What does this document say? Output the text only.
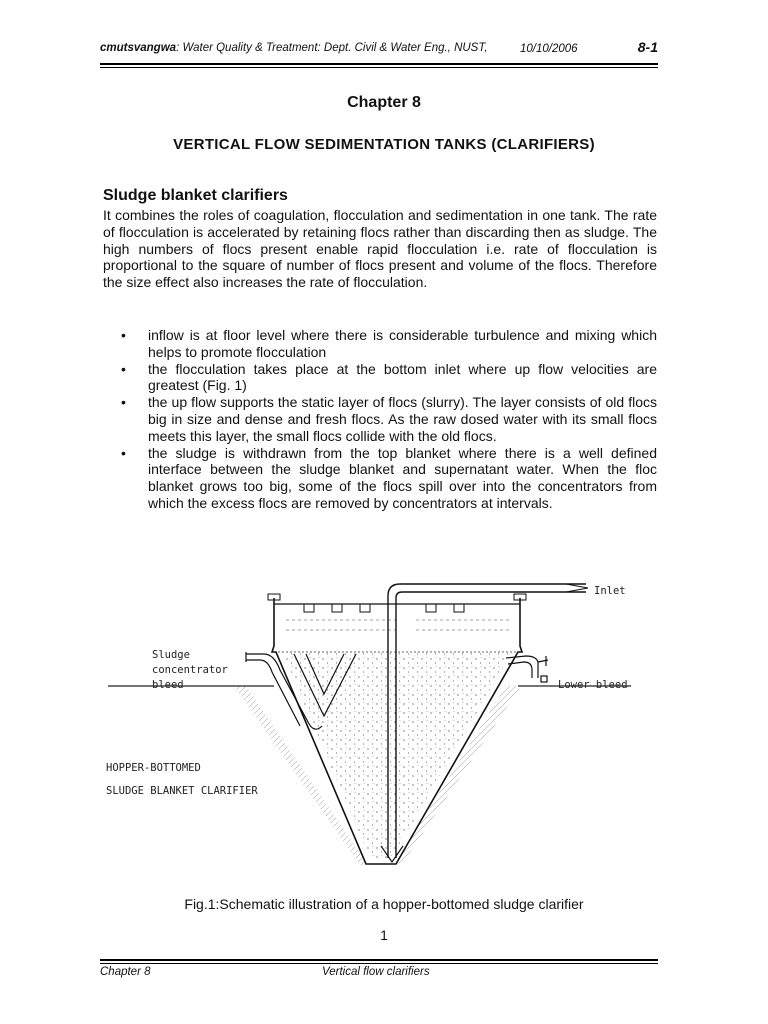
cmutsvangwa: Water Quality & Treatment: Dept. Civil & Water Eng., NUST,	10/10/2006	8-1
Chapter 8
VERTICAL FLOW SEDIMENTATION TANKS (CLARIFIERS)
Sludge blanket clarifiers
It combines the roles of coagulation, flocculation and sedimentation in one tank. The rate of flocculation is accelerated by retaining flocs rather than discarding then as sludge. The high numbers of flocs present enable rapid flocculation i.e. rate of flocculation is proportional to the square of number of flocs present and volume of the flocs. Therefore the size effect also increases the rate of flocculation.
• inflow is at floor level where there is considerable turbulence and mixing which helps to promote flocculation
• the flocculation takes place at the bottom inlet where up flow velocities are greatest (Fig. 1)
• the up flow supports the static layer of flocs (slurry). The layer consists of old flocs big in size and dense and fresh flocs. As the raw dosed water with its small flocs meets this layer, the small flocs collide with the old flocs.
• the sludge is withdrawn from the top blanket where there is a well defined interface between the sludge blanket and supernatant water. When the floc blanket grows too big, some of the flocs spill over into the concentrators from which the excess flocs are removed by concentrators at intervals.
Inlet
Sludge
concentrator
bleed	Lower bleed
HOPPER-BOTTOMED
SLUDGE BLANKET CLARIFIER
Fig.1:Schematic illustration of a hopper-bottomed sludge clarifier
1
Chapter 8	Vertical flow clarifiers
